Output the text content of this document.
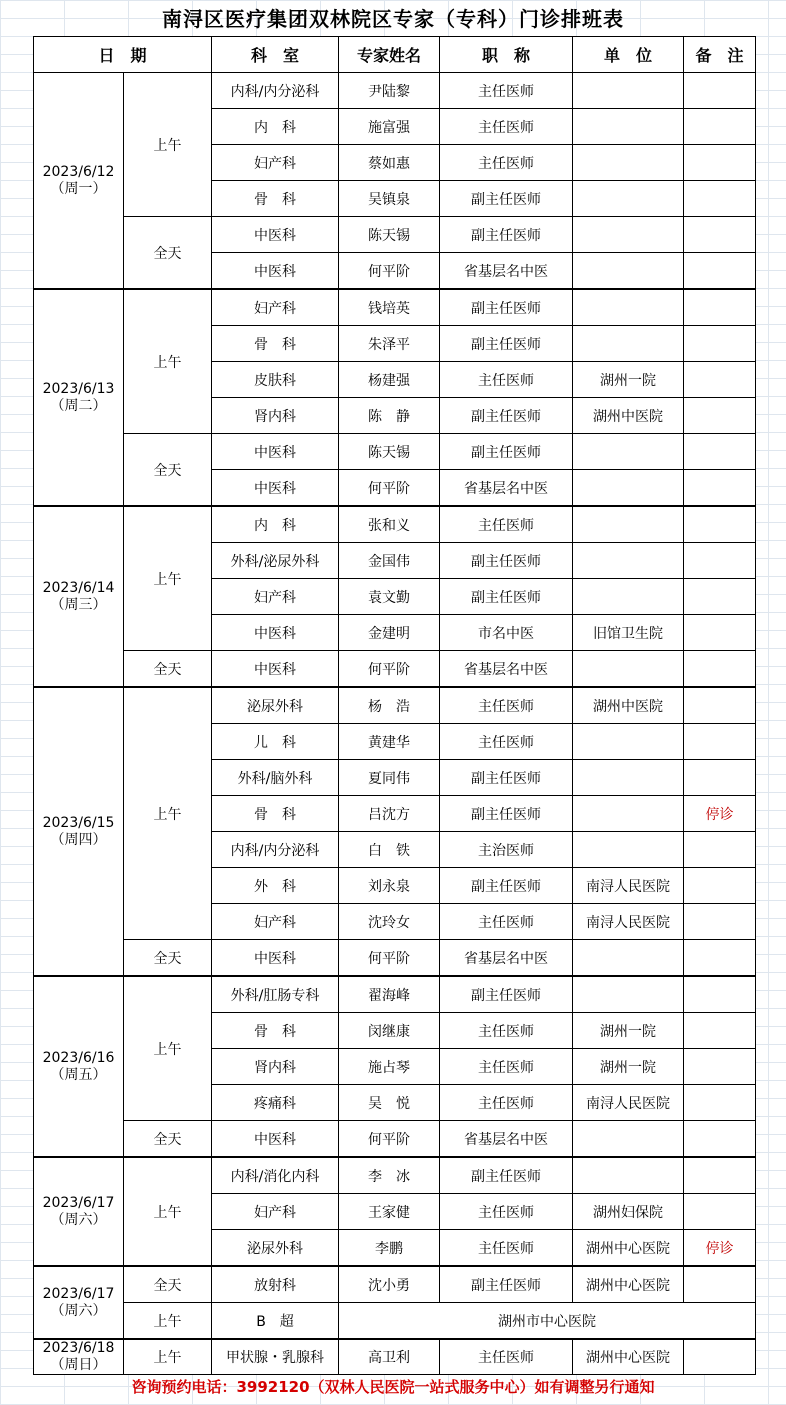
南浔区医疗集团双林院区专家（专科）门诊排班表
日　期		科　室	专家姓名	职　称	单　位	备　注

2023/6/12
（周一）	上午	内科/内分泌科	尹陆黎	主任医师		
		内　科	施富强	主任医师		
		妇产科	蔡如惠	主任医师		
		骨　科	吴镇泉	副主任医师		
	全天	中医科	陈天锡	副主任医师		
		中医科	何平阶	省基层名中医		

2023/6/13
（周二）	上午	妇产科	钱培英	副主任医师		
		骨　科	朱泽平	副主任医师		
		皮肤科	杨建强	主任医师	湖州一院	
		肾内科	陈　静	副主任医师	湖州中医院	
	全天	中医科	陈天锡	副主任医师		
		中医科	何平阶	省基层名中医		

2023/6/14
（周三）	上午	内　科	张和义	主任医师		
		外科/泌尿外科	金国伟	副主任医师		
		妇产科	袁文勤	副主任医师		
		中医科	金建明	市名中医	旧馆卫生院	
	全天	中医科	何平阶	省基层名中医		

2023/6/15
（周四）	上午	泌尿外科	杨　浩	主任医师	湖州中医院	
		儿　科	黄建华	主任医师		
		外科/脑外科	夏同伟	副主任医师		
		骨　科	吕沈方	副主任医师		停诊
		内科/内分泌科	白　铁	主治医师		
		外　科	刘永泉	副主任医师	南浔人民医院	
		妇产科	沈玲女	主任医师	南浔人民医院	
	全天	中医科	何平阶	省基层名中医		

2023/6/16
（周五）	上午	外科/肛肠专科	翟海峰	副主任医师		
		骨　科	闵继康	主任医师	湖州一院	
		肾内科	施占琴	主任医师	湖州一院	
		疼痛科	吴　悦	主任医师	南浔人民医院	
	全天	中医科	何平阶	省基层名中医		

2023/6/17
（周六）	上午	内科/消化内科	李　冰	副主任医师		
		妇产科	王家健	主任医师	湖州妇保院	
		泌尿外科	李鹏	主任医师	湖州中心医院	停诊

2023/6/17
（周六）	全天	放射科	沈小勇	副主任医师	湖州中心医院	
	上午	B　超	湖州市中心医院			

2023/6/18
（周日）	上午	甲状腺・乳腺科	高卫利	主任医师	湖州中心医院	
咨询预约电话：3992120（双林人民医院一站式服务中心）如有调整另行通知
